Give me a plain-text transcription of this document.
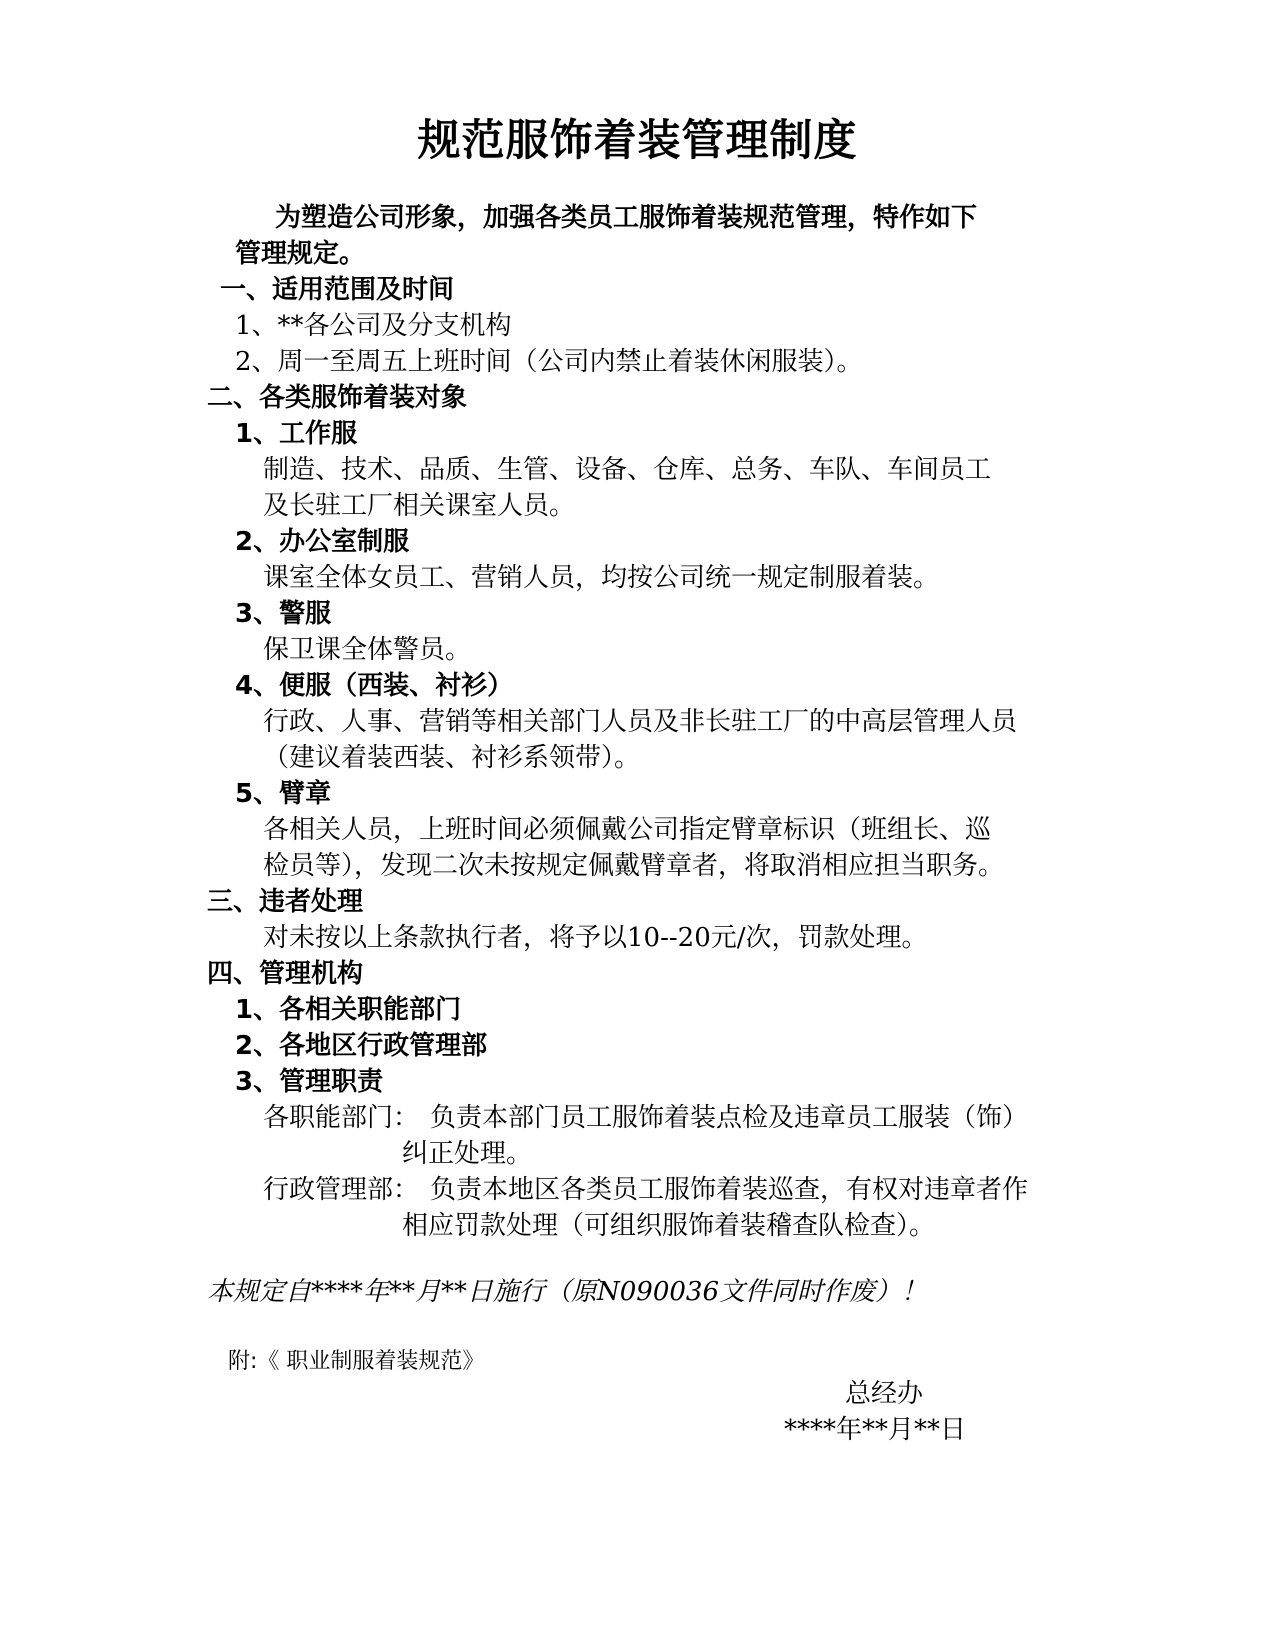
规范服饰着装管理制度
为塑造公司形象，加强各类员工服饰着装规范管理，特作如下
管理规定。
一、适用范围及时间
1、**各公司及分支机构
2、周一至周五上班时间（公司内禁止着装休闲服装）。
二、各类服饰着装对象
1、工作服
制造、技术、品质、生管、设备、仓库、总务、车队、车间员工
及长驻工厂相关课室人员。
2、办公室制服
课室全体女员工、营销人员，均按公司统一规定制服着装。
3、警服
保卫课全体警员。
4、便服（西装、衬衫）
行政、人事、营销等相关部门人员及非长驻工厂的中高层管理人员
（建议着装西装、衬衫系领带）。
5、臂章
各相关人员，上班时间必须佩戴公司指定臂章标识（班组长、巡
检员等），发现二次未按规定佩戴臂章者，将取消相应担当职务。
三、违者处理
对未按以上条款执行者，将予以10--20元/次，罚款处理。
四、管理机构
1、各相关职能部门
2、各地区行政管理部
3、管理职责
各职能部门： 负责本部门员工服饰着装点检及违章员工服装（饰）
纠正处理。
行政管理部： 负责本地区各类员工服饰着装巡查，有权对违章者作
相应罚款处理（可组织服饰着装稽查队检查）。
本规定自****年**月**日施行（原N090036文件同时作废）！
附:《 职业制服着装规范》
总经办
****年**月**日
